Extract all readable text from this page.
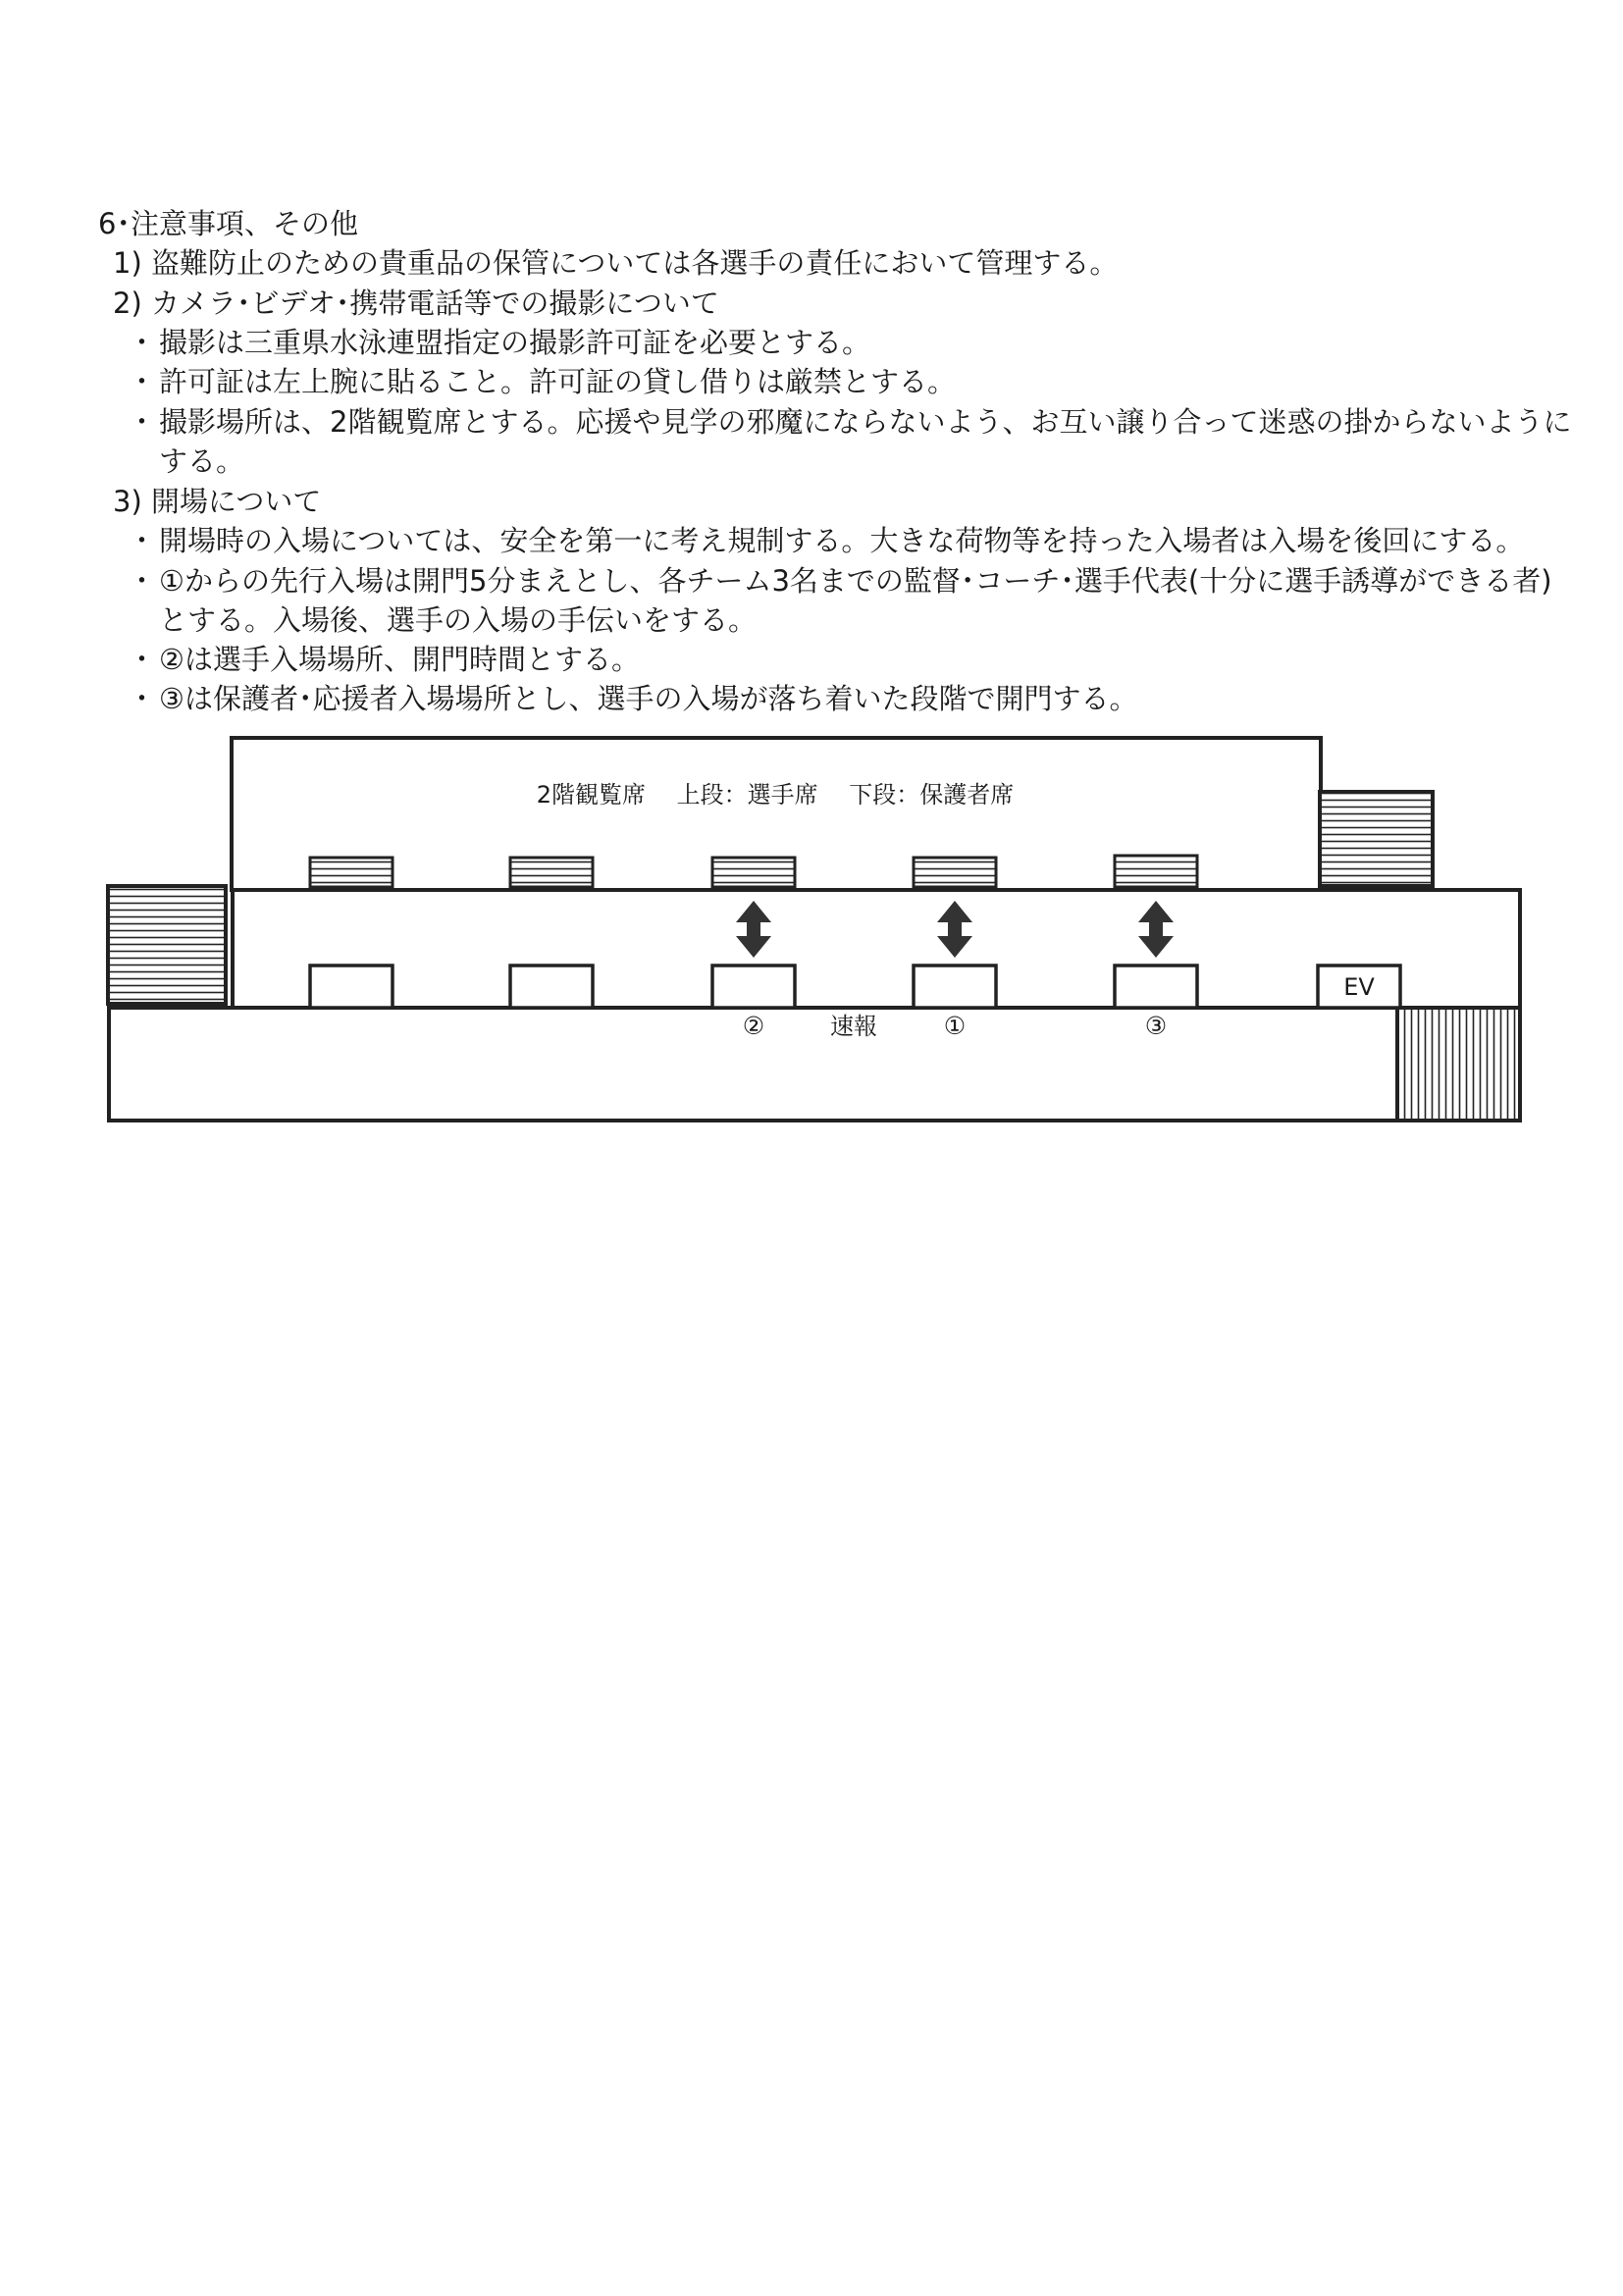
6･注意事項、その他
1) 盗難防止のための貴重品の保管については各選手の責任において管理する。
2) カメラ･ビデオ･携帯電話等での撮影について
・ 撮影は三重県水泳連盟指定の撮影許可証を必要とする。
・ 許可証は左上腕に貼ること。許可証の貸し借りは厳禁とする。
・ 撮影場所は、2階観覧席とする。応援や見学の邪魔にならないよう、お互い譲り合って迷惑の掛からないように
する。
3) 開場について
・ 開場時の入場については、安全を第一に考え規制する。大きな荷物等を持った入場者は入場を後回にする。
・ ①からの先行入場は開門5分まえとし、各チーム3名までの監督･コーチ･選手代表(十分に選手誘導ができる者)
とする。入場後、選手の入場の手伝いをする。
・ ②は選手入場場所、開門時間とする。
・ ③は保護者･応援者入場場所とし、選手の入場が落ち着いた段階で開門する。
2階観覧席　 上段：選手席　 下段：保護者席
②	速報	①	③
EV
